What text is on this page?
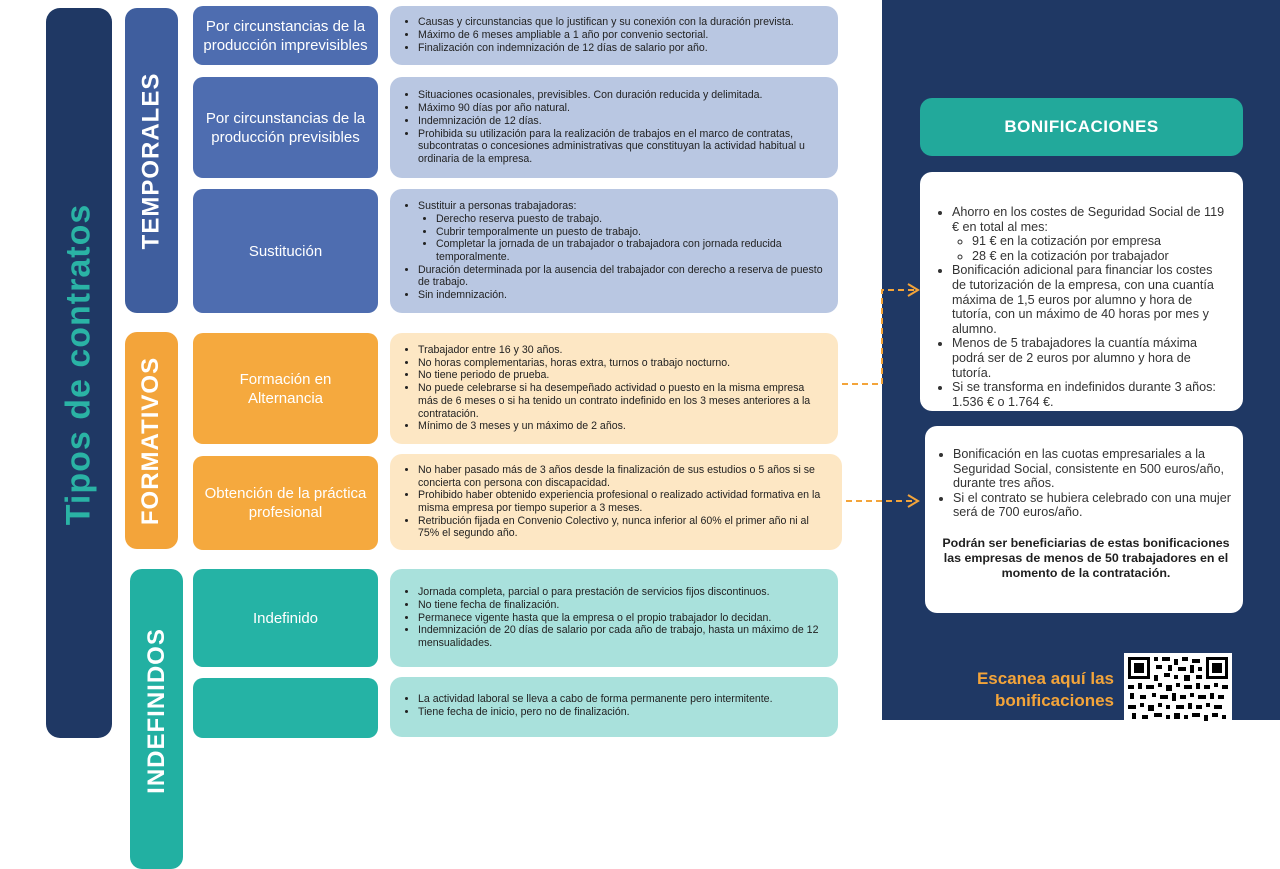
Tipos de contratos
TEMPORALES
FORMATIVOS
INDEFINIDOS
Por circunstancias de la producción imprevisibles
Por circunstancias de la producción previsibles
Sustitución
Formación en Alternancia
Obtención de la práctica profesional
Indefinido
• Causas y circunstancias que lo justifican y su conexión con la duración prevista.
• Máximo de 6 meses ampliable a 1 año por convenio sectorial.
• Finalización con indemnización de 12 días de salario por año.
• Situaciones ocasionales, previsibles. Con duración reducida y delimitada.
• Máximo 90 días por año natural.
• Indemnización de 12 días.
• Prohibida su utilización para la realización de trabajos en el marco de contratas, subcontratas o concesiones administrativas que constituyan la actividad habitual u ordinaria de la empresa.
• Sustituir a personas trabajadoras:
• Derecho reserva puesto de trabajo.
• Cubrir temporalmente un puesto de trabajo.
• Completar la jornada de un trabajador o trabajadora con jornada reducida temporalmente.
• Duración determinada por la ausencia del trabajador con derecho a reserva de puesto de trabajo.
• Sin indemnización.
• Trabajador entre 16 y 30 años.
• No horas complementarias, horas extra, turnos o trabajo nocturno.
• No tiene periodo de prueba.
• No puede celebrarse si ha desempeñado actividad o puesto en la misma empresa más de 6 meses o si ha tenido un contrato indefinido en los 3 meses anteriores a la contratación.
• Mínimo de 3 meses y un máximo de 2 años.
• No haber pasado más de 3 años desde la finalización de sus estudios o 5 años si se concierta con persona con discapacidad.
• Prohibido haber obtenido experiencia profesional o realizado actividad formativa en la misma empresa por tiempo superior a 3 meses.
• Retribución fijada en Convenio Colectivo y, nunca inferior al 60% el primer año ni al 75% el segundo año.
• Jornada completa, parcial o para prestación de servicios fijos discontinuos.
• No tiene fecha de finalización.
• Permanece vigente hasta que la empresa o el propio trabajador lo decidan.
• Indemnización de 20 días de salario por cada año de trabajo, hasta un máximo de 12 mensualidades.
• La actividad laboral se lleva a cabo de forma permanente pero intermitente.
• Tiene fecha de inicio, pero no de finalización.
BONIFICACIONES
• Ahorro en los costes de Seguridad Social de 119 € en total al mes:
◦ 91 € en la cotización por empresa
◦ 28 € en la cotización por trabajador
• Bonificación adicional para financiar los costes de tutorización de la empresa, con una cuantía máxima de 1,5 euros por alumno y hora de tutoría, con un máximo de 40 horas por mes y alumno.
• Menos de 5 trabajadores la cuantía máxima podrá ser de 2 euros por alumno y hora de tutoría.
• Si se transforma en indefinidos durante 3 años: 1.536 € o 1.764 €.
• Bonificación en las cuotas empresariales a la Seguridad Social, consistente en 500 euros/año, durante tres años.
• Si el contrato se hubiera celebrado con una mujer será de 700 euros/año.
Podrán ser beneficiarias de estas bonificaciones las empresas de menos de 50 trabajadores en el momento de la contratación.
Escanea aquí las bonificaciones
